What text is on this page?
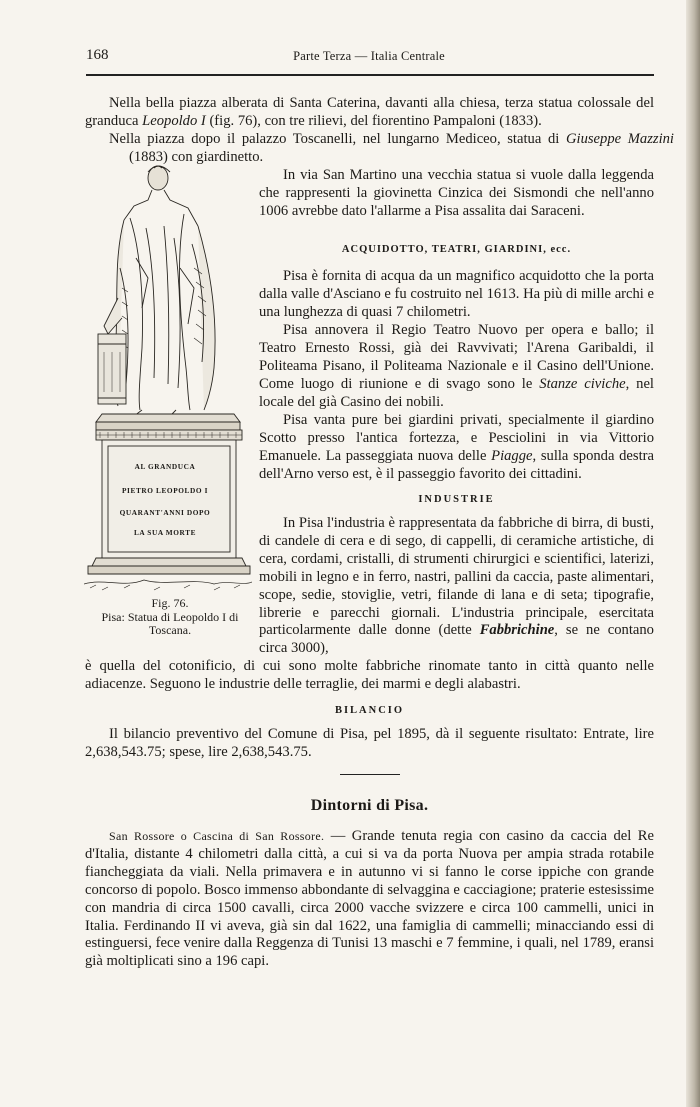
168	Parte Terza — Italia Centrale

Nella bella piazza alberata di Santa Caterina, davanti alla chiesa, terza statua colossale del granduca Leopoldo I (fig. 76), con tre rilievi, del fiorentino Pampaloni (1833).

Nella piazza dopo il palazzo Toscanelli, nel lungarno Mediceo, statua di Giuseppe Mazzini (1883) con giardinetto.

In via San Martino una vecchia statua si vuole dalla leggenda che rappresenti la giovinetta Cinzica dei Sismondi che nell'anno 1006 avrebbe dato l'allarme a Pisa assalita dai Saraceni.

ACQUIDOTTO, TEATRI, GIARDINI, ecc.

Pisa è fornita di acqua da un magnifico acquidotto che la porta dalla valle d'Asciano e fu costruito nel 1613. Ha più di mille archi e una lunghezza di quasi 7 chilometri.

Pisa annovera il Regio Teatro Nuovo per opera e ballo; il Teatro Ernesto Rossi, già dei Ravvivati; l'Arena Garibaldi, il Politeama Pisano, il Politeama Nazionale e il Casino dell'Unione. Come luogo di riunione e di svago sono le Stanze civiche, nel locale del già Casino dei nobili.

Pisa vanta pure bei giardini privati, specialmente il giardino Scotto presso l'antica fortezza, e Pesciolini in via Vittorio Emanuele. La passeggiata nuova delle Piagge, sulla sponda destra dell'Arno verso est, è il passeggio favorito dei cittadini.

INDUSTRIE

In Pisa l'industria è rappresentata da fabbriche di birra, di busti, di candele di cera e di sego, di cappelli, di ceramiche artistiche, di cera, cordami, cristalli, di strumenti chirurgici e scientifici, laterizi, mobili in legno e in ferro, nastri, pallini da caccia, paste alimentari, scope, sedie, stoviglie, vetri, filande di lana e di seta; tipografie, librerie e parecchi giornali. L'industria principale, esercitata particolarmente dalle donne (dette Fabbrichine, se ne contano circa 3000),

è quella del cotonificio, di cui sono molte fabbriche rinomate tanto in città quanto nelle adiacenze. Seguono le industrie delle terraglie, dei marmi e degli alabastri.

BILANCIO

Il bilancio preventivo del Comune di Pisa, pel 1895, dà il seguente risultato: Entrate, lire 2,638,543.75; spese, lire 2,638,543.75.

Dintorni di Pisa.

San Rossore o Cascina di San Rossore. — Grande tenuta regia con casino da caccia del Re d'Italia, distante 4 chilometri dalla città, a cui si va da porta Nuova per ampia strada rotabile fiancheggiata da viali. Nella primavera e in autunno vi si fanno le corse ippiche con grande concorso di popolo. Bosco immenso abbondante di selvaggina e cacciagione; praterie estesissime con mandria di circa 1500 cavalli, circa 2000 vacche svizzere e circa 100 cammelli, unici in Italia. Ferdinando II vi aveva, già sin dal 1622, una famiglia di cammelli; minacciando essi di estinguersi, fece venire dalla Reggenza di Tunisi 13 maschi e 7 femmine, i quali, nel 1789, eransi già moltiplicati sino a 196 capi.

AL GRANDUCA
PIETRO LEOPOLDO I
QUARANT'ANNI DOPO
LA SUA MORTE
Fig. 76.
Pisa: Statua di Leopoldo I di Toscana.
